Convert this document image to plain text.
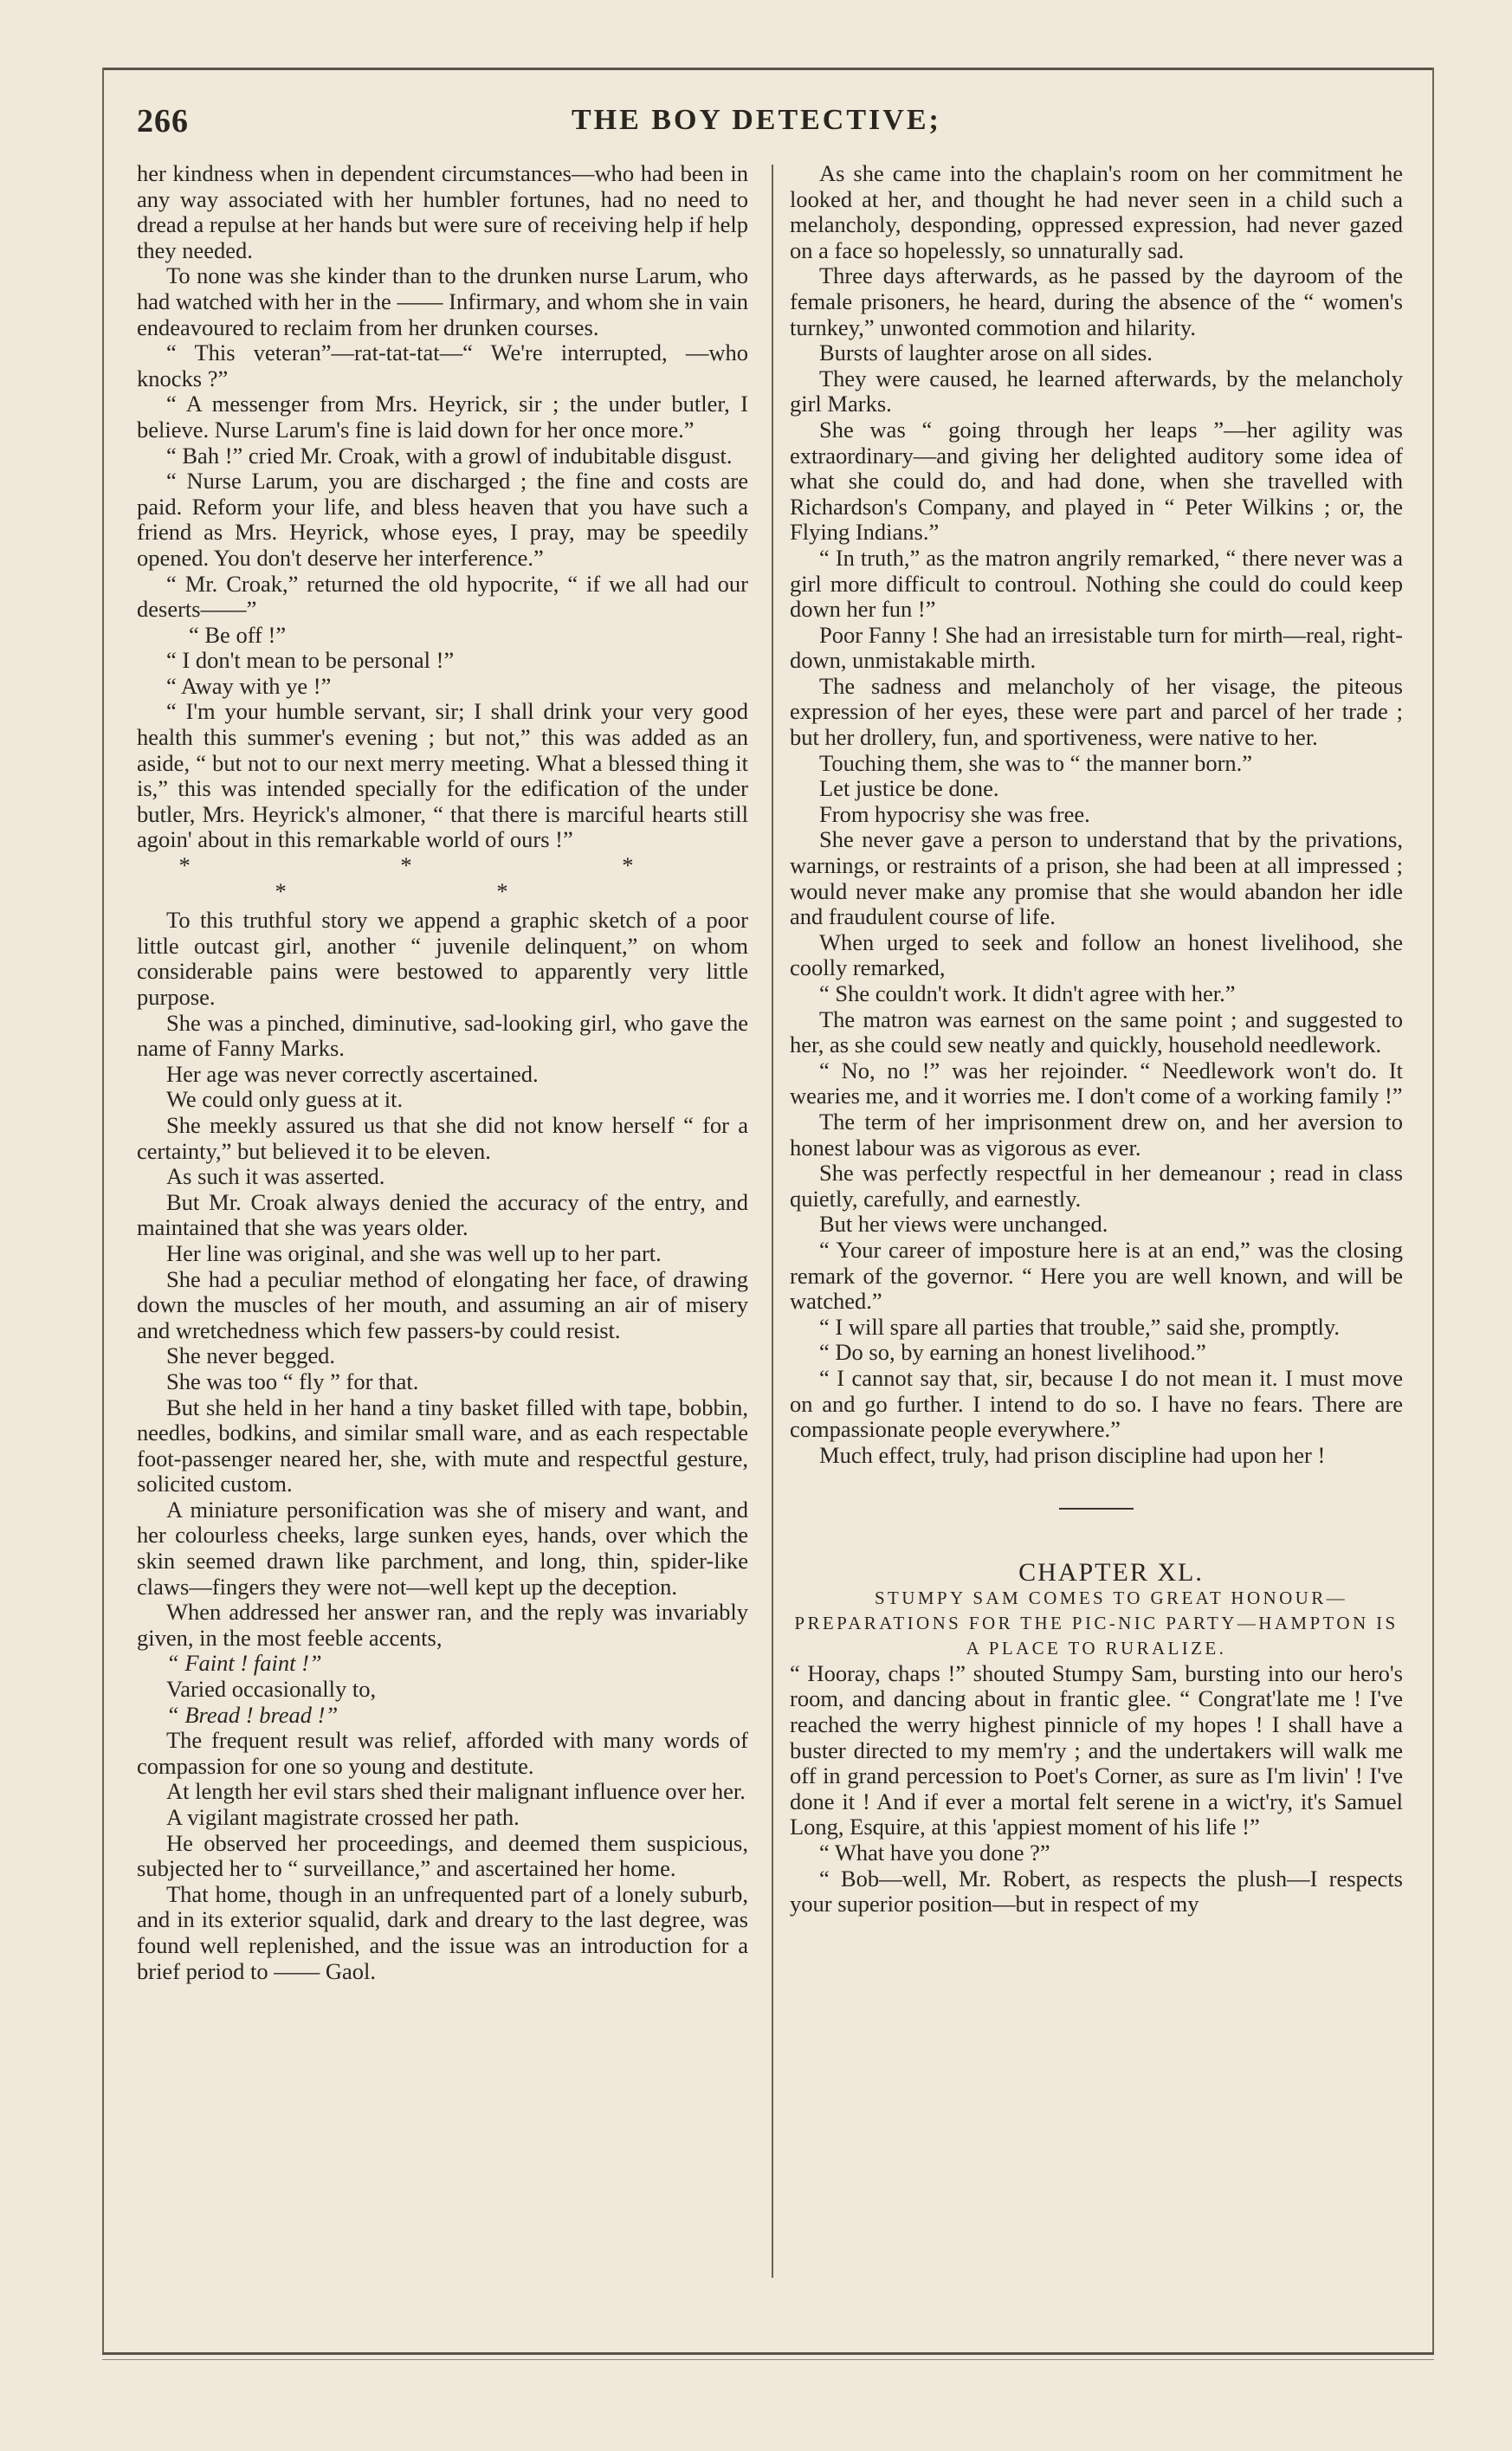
266	THE BOY DETECTIVE;

her kindness when in dependent circumstances—who had been in any way associated with her humbler fortunes, had no need to dread a repulse at her hands but were sure of receiving help if help they needed.

To none was she kinder than to the drunken nurse Larum, who had watched with her in the —— Infirmary, and whom she in vain endeavoured to reclaim from her drunken courses.

“ This veteran”—rat-tat-tat—“ We're interrupted, —who knocks ?”

“ A messenger from Mrs. Heyrick, sir ; the under butler, I believe. Nurse Larum's fine is laid down for her once more.”

“ Bah !” cried Mr. Croak, with a growl of indubitable disgust.

“ Nurse Larum, you are discharged ; the fine and costs are paid. Reform your life, and bless heaven that you have such a friend as Mrs. Heyrick, whose eyes, I pray, may be speedily opened. You don't deserve her interference.”

“ Mr. Croak,” returned the old hypocrite, “ if we all had our deserts——”

“ Be off !”

“ I don't mean to be personal !”

“ Away with ye !”

“ I'm your humble servant, sir; I shall drink your very good health this summer's evening ; but not,” this was added as an aside, “ but not to our next merry meeting. What a blessed thing it is,” this was intended specially for the edification of the under butler, Mrs. Heyrick's almoner, “ that there is marciful hearts still agoin' about in this remarkable world of ours !”

* * * * *

To this truthful story we append a graphic sketch of a poor little outcast girl, another “ juvenile delinquent,” on whom considerable pains were bestowed to apparently very little purpose.

She was a pinched, diminutive, sad-looking girl, who gave the name of Fanny Marks.

Her age was never correctly ascertained.

We could only guess at it.

She meekly assured us that she did not know herself “ for a certainty,” but believed it to be eleven.

As such it was asserted.

But Mr. Croak always denied the accuracy of the entry, and maintained that she was years older.

Her line was original, and she was well up to her part.

She had a peculiar method of elongating her face, of drawing down the muscles of her mouth, and assuming an air of misery and wretchedness which few passers-by could resist.

She never begged.

She was too “ fly ” for that.

But she held in her hand a tiny basket filled with tape, bobbin, needles, bodkins, and similar small ware, and as each respectable foot-passenger neared her, she, with mute and respectful gesture, solicited custom.

A miniature personification was she of misery and want, and her colourless cheeks, large sunken eyes, hands, over which the skin seemed drawn like parchment, and long, thin, spider-like claws—fingers they were not—well kept up the deception.

When addressed her answer ran, and the reply was invariably given, in the most feeble accents,

“ Faint ! faint !”

Varied occasionally to,

“ Bread ! bread !”

The frequent result was relief, afforded with many words of compassion for one so young and destitute.

At length her evil stars shed their malignant influence over her.

A vigilant magistrate crossed her path.

He observed her proceedings, and deemed them suspicious, subjected her to “ surveillance,” and ascertained her home.

That home, though in an unfrequented part of a lonely suburb, and in its exterior squalid, dark and dreary to the last degree, was found well replenished, and the issue was an introduction for a brief period to —— Gaol.

As she came into the chaplain's room on her commitment he looked at her, and thought he had never seen in a child such a melancholy, desponding, oppressed expression, had never gazed on a face so hopelessly, so unnaturally sad.

Three days afterwards, as he passed by the dayroom of the female prisoners, he heard, during the absence of the “ women's turnkey,” unwonted commotion and hilarity.

Bursts of laughter arose on all sides.

They were caused, he learned afterwards, by the melancholy girl Marks.

She was “ going through her leaps ”—her agility was extraordinary—and giving her delighted auditory some idea of what she could do, and had done, when she travelled with Richardson's Company, and played in “ Peter Wilkins ; or, the Flying Indians.”

“ In truth,” as the matron angrily remarked, “ there never was a girl more difficult to controul. Nothing she could do could keep down her fun !”

Poor Fanny ! She had an irresistable turn for mirth—real, right-down, unmistakable mirth.

The sadness and melancholy of her visage, the piteous expression of her eyes, these were part and parcel of her trade ; but her drollery, fun, and sportiveness, were native to her.

Touching them, she was to “ the manner born.”

Let justice be done.

From hypocrisy she was free.

She never gave a person to understand that by the privations, warnings, or restraints of a prison, she had been at all impressed ; would never make any promise that she would abandon her idle and fraudulent course of life.

When urged to seek and follow an honest livelihood, she coolly remarked,

“ She couldn't work. It didn't agree with her.”

The matron was earnest on the same point ; and suggested to her, as she could sew neatly and quickly, household needlework.

“ No, no !” was her rejoinder. “ Needlework won't do. It wearies me, and it worries me. I don't come of a working family !”

The term of her imprisonment drew on, and her aversion to honest labour was as vigorous as ever.

She was perfectly respectful in her demeanour ; read in class quietly, carefully, and earnestly.

But her views were unchanged.

“ Your career of imposture here is at an end,” was the closing remark of the governor. “ Here you are well known, and will be watched.”

“ I will spare all parties that trouble,” said she, promptly.

“ Do so, by earning an honest livelihood.”

“ I cannot say that, sir, because I do not mean it. I must move on and go further. I intend to do so. I have no fears. There are compassionate people everywhere.”

Much effect, truly, had prison discipline had upon her !

CHAPTER XL.

STUMPY SAM COMES TO GREAT HONOUR—PREPARATIONS FOR THE PIC-NIC PARTY—HAMPTON IS A PLACE TO RURALIZE.

“ Hooray, chaps !” shouted Stumpy Sam, bursting into our hero's room, and dancing about in frantic glee. “ Congrat'late me ! I've reached the werry highest pinnicle of my hopes ! I shall have a buster directed to my mem'ry ; and the undertakers will walk me off in grand percession to Poet's Corner, as sure as I'm livin' ! I've done it ! And if ever a mortal felt serene in a wict'ry, it's Samuel Long, Esquire, at this 'appiest moment of his life !”

“ What have you done ?”

“ Bob—well, Mr. Robert, as respects the plush—I respects your superior position—but in respect of my
